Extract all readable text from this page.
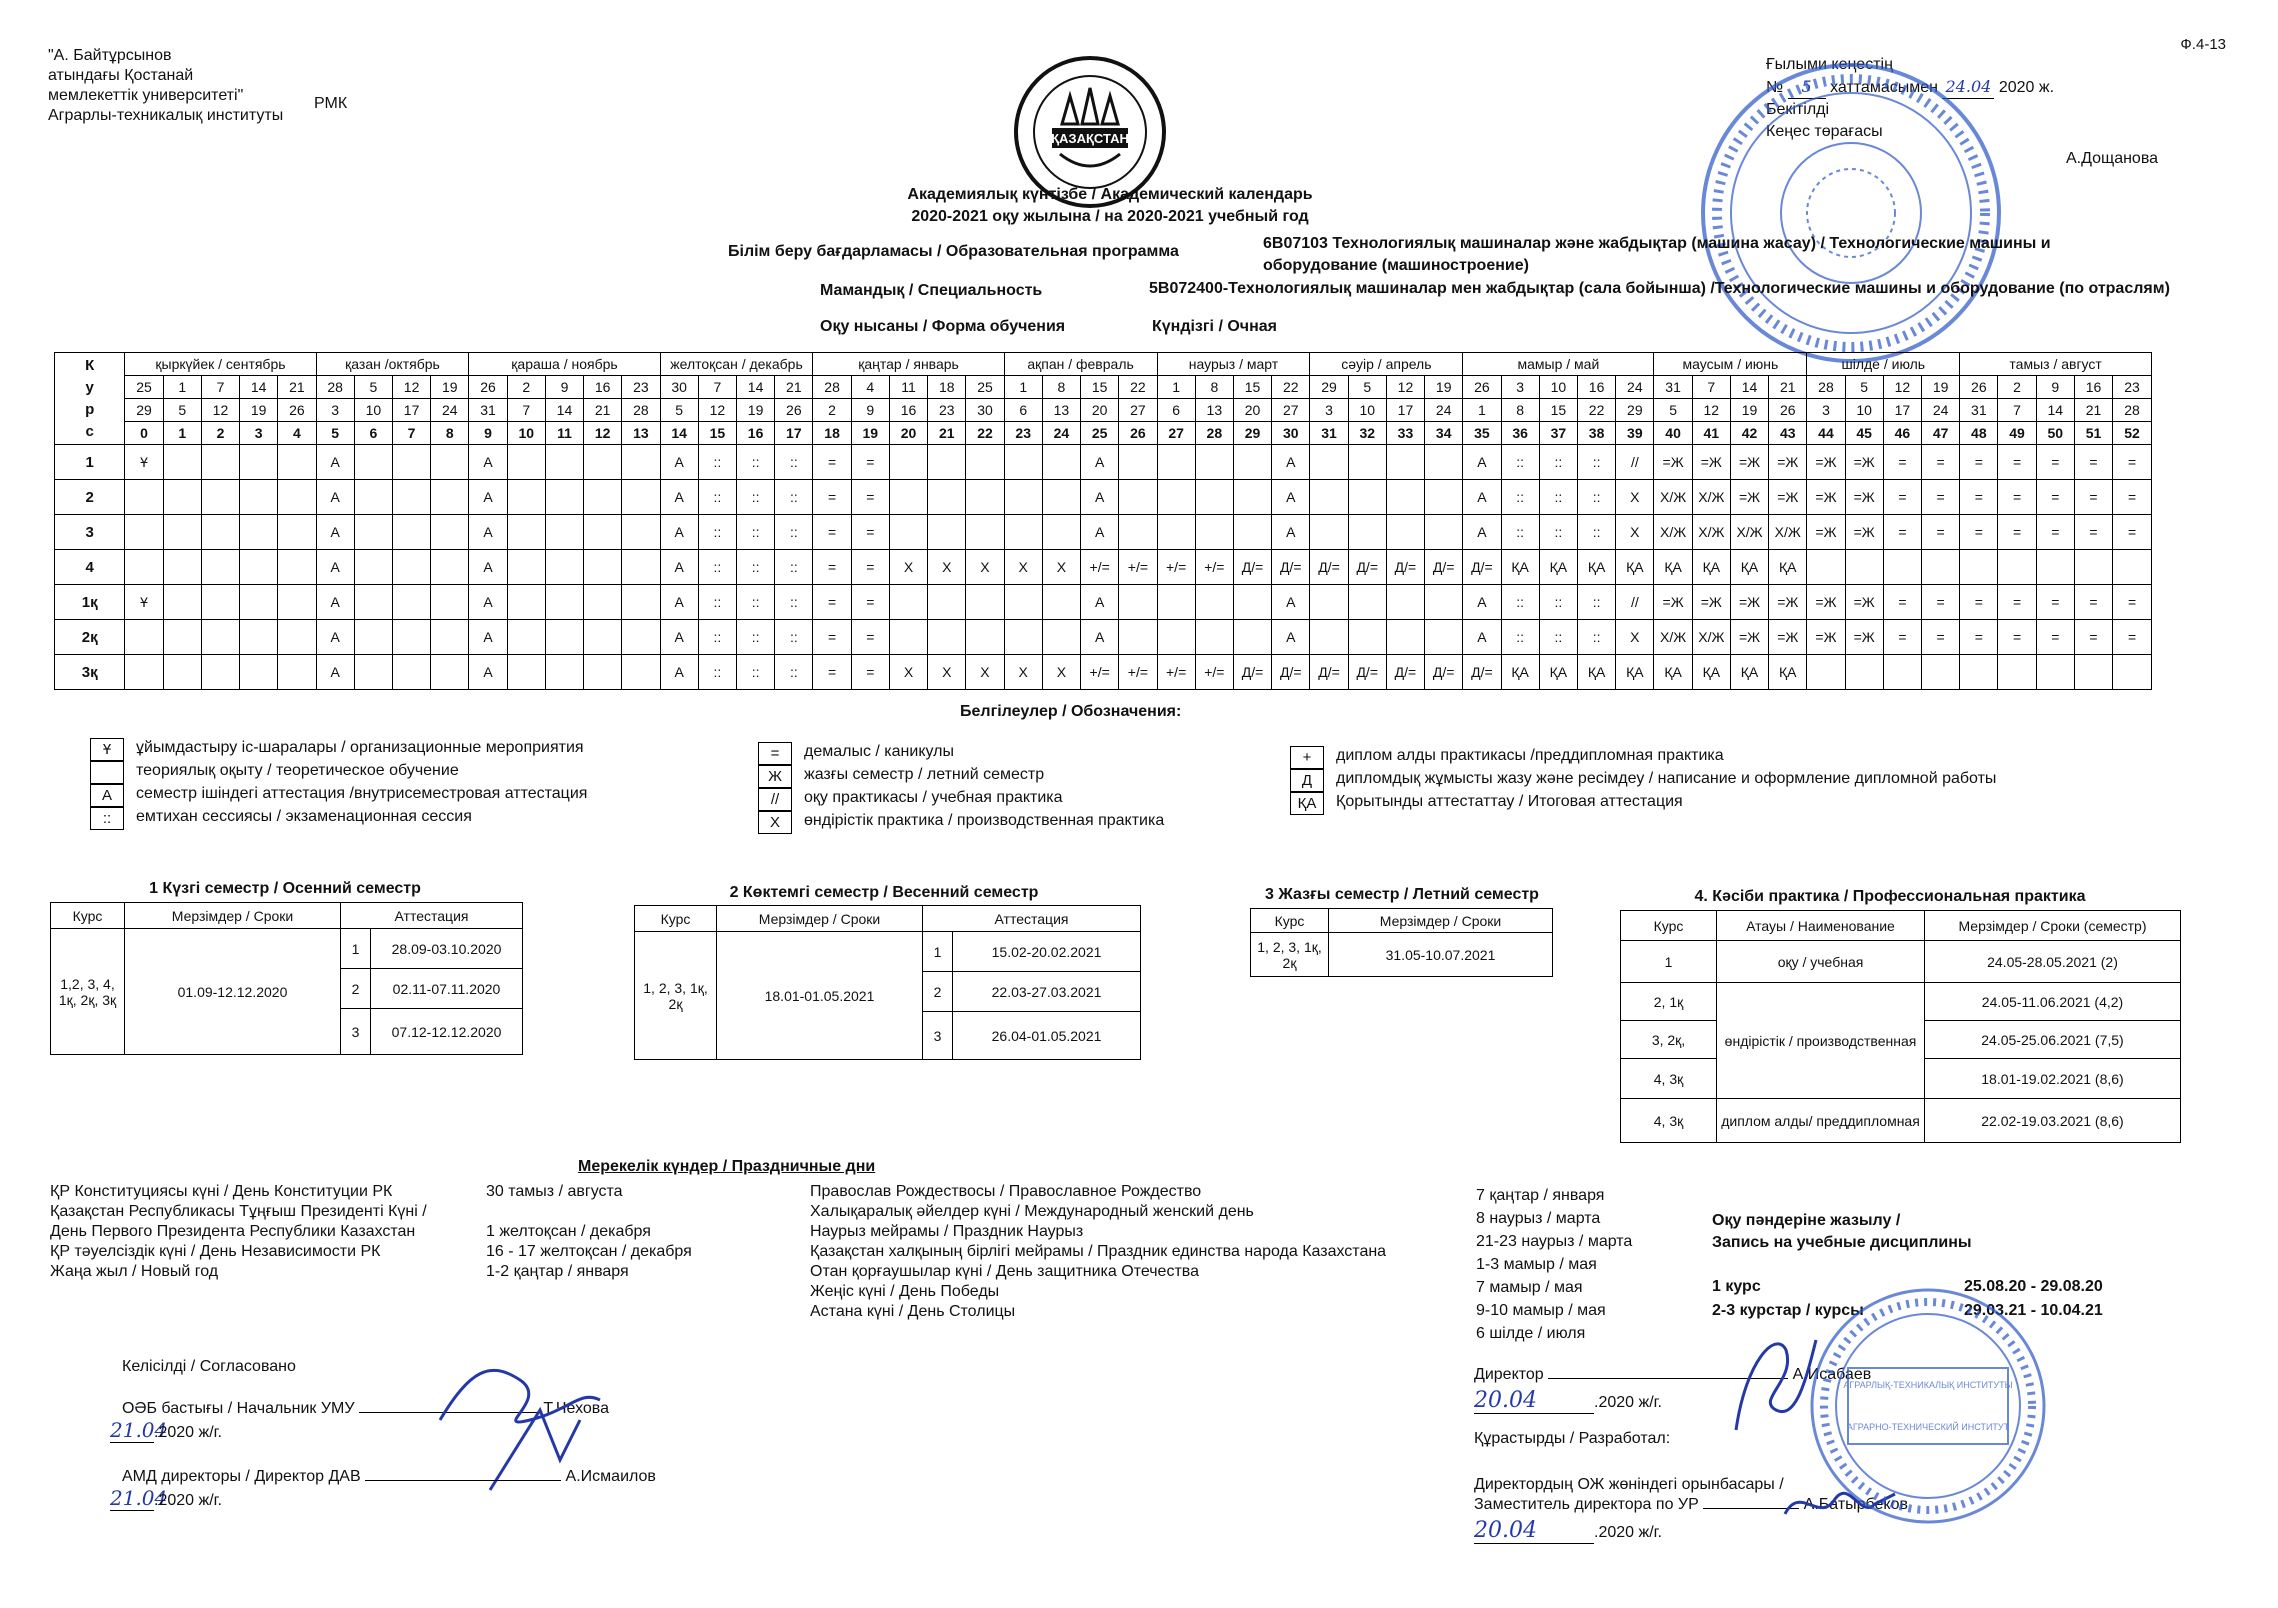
Ф.4-13
"А. Байтұрсынов
атындағы Қостанай
мемлекеттік университеті"
Аграрлы-техникалық институты
РМК
ҚАЗАҚСТАН
Ғылыми кеңестің
№ 5 хаттамасымен 24.04 2020 ж.
Бекітілді
Кеңес төрағасы
А.Дощанова
Академиялық күнтізбе / Академический календарь
2020-2021 оқу жылына / на 2020-2021 учебный год
Білім беру бағдарламасы / Образовательная программа	6B07103 Технологиялық машиналар және жабдықтар (машина жасау) / Технологические машины и оборудование (машиностроение)
Мамандық / Специальность	5В072400-Технологиялық машиналар мен жабдықтар (сала бойынша) /Технологические машины и оборудование (по отраслям)
Оқу нысаны / Форма обучения	Күндізгі / Очная
К
у
р
с	қыркүйек / сентябрь					қазан /октябрь				қараша / ноябрь					желтоқсан / декабрь				қаңтар / январь					ақпан / февраль				наурыз / март				сәуір / апрель				мамыр / май					маусым / июнь				шілде / июль				тамыз / август				
	25	1	7	14	21	28	5	12	19	26	2	9	16	23	30	7	14	21	28	4	11	18	25	1	8	15	22	1	8	15	22	29	5	12	19	26	3	10	16	24	31	7	14	21	28	5	12	19	26	2	9	16	23
	29	5	12	19	26	3	10	17	24	31	7	14	21	28	5	12	19	26	2	9	16	23	30	6	13	20	27	6	13	20	27	3	10	17	24	1	8	15	22	29	5	12	19	26	3	10	17	24	31	7	14	21	28
	0	1	2	3	4	5	6	7	8	9	10	11	12	13	14	15	16	17	18	19	20	21	22	23	24	25	26	27	28	29	30	31	32	33	34	35	36	37	38	39	40	41	42	43	44	45	46	47	48	49	50	51	52
1	Ұ					А				А					А	::	::	::	=	=						А					А					А	::	::	::	//	=Ж	=Ж	=Ж	=Ж	=Ж	=Ж	=	=	=	=	=	=	=
2						А				А					А	::	::	::	=	=						А					А					А	::	::	::	Х	Х/Ж	Х/Ж	=Ж	=Ж	=Ж	=Ж	=	=	=	=	=	=	=
3						А				А					А	::	::	::	=	=						А					А					А	::	::	::	Х	Х/Ж	Х/Ж	Х/Ж	Х/Ж	=Ж	=Ж	=	=	=	=	=	=	=
4						А				А					А	::	::	::	=	=	Х	Х	Х	Х	Х	+/=	+/=	+/=	+/=	Д/=	Д/=	Д/=	Д/=	Д/=	Д/=	Д/=	ҚА	ҚА	ҚА	ҚА	ҚА	ҚА	ҚА	ҚА									
1қ	Ұ					А				А					А	::	::	::	=	=						А					А					А	::	::	::	//	=Ж	=Ж	=Ж	=Ж	=Ж	=Ж	=	=	=	=	=	=	=
2қ						А				А					А	::	::	::	=	=						А					А					А	::	::	::	Х	Х/Ж	Х/Ж	=Ж	=Ж	=Ж	=Ж	=	=	=	=	=	=	=
3қ						А				А					А	::	::	::	=	=	Х	Х	Х	Х	Х	+/=	+/=	+/=	+/=	Д/=	Д/=	Д/=	Д/=	Д/=	Д/=	Д/=	ҚА	ҚА	ҚА	ҚА	ҚА	ҚА	ҚА	ҚА									
Белгілеулер / Обозначения:
Ұ	ұйымдастыру іс-шаралары / организационные мероприятия
теориялық оқыту / теоретическое обучение
А	семестр ішіндегі аттестация /внутрисеместровая аттестация
::	емтихан сессиясы / экзаменационная сессия
=	демалыс / каникулы
Ж	жазғы семестр / летний семестр
//	оқу практикасы / учебная практика
Х	өндірістік практика / производственная практика
+	диплом алды практикасы /преддипломная практика
Д	дипломдық жұмысты жазу және ресімдеу / написание и оформление дипломной работы
ҚА	Қорытынды аттестаттау / Итоговая аттестация
1 Күзгі семестр / Осенний семестр
Курс	Мерзімдер / Сроки	Аттестация	
1,2, 3, 4, 1қ, 2қ, 3қ	01.09-12.12.2020	1	28.09-03.10.2020
		2	02.11-07.11.2020
		3	07.12-12.12.2020
2 Көктемгі семестр / Весенний семестр
Курс	Мерзімдер / Сроки	Аттестация	
1, 2, 3, 1қ, 2қ	18.01-01.05.2021	1	15.02-20.02.2021
		2	22.03-27.03.2021
		3	26.04-01.05.2021
3 Жазғы семестр / Летний семестр
Курс	Мерзімдер / Сроки
1, 2, 3, 1қ, 2қ	31.05-10.07.2021
4. Кәсіби практика / Профессиональная практика
Курс	Атауы / Наименование	Мерзімдер / Сроки (семестр)
1	оқу / учебная	24.05-28.05.2021 (2)
2, 1қ	өндірістік / производственная	24.05-11.06.2021 (4,2)
3, 2қ,		24.05-25.06.2021 (7,5)
4, 3қ		18.01-19.02.2021 (8,6)
4, 3қ	диплом алды/ преддипломная	22.02-19.03.2021 (8,6)
Мерекелік күндер / Праздничные дни
ҚР Конституциясы күні / День Конституции РК
Қазақстан Республикасы Тұңғыш Президенті Күні /
День Первого Президента Республики Казахстан
ҚР тәуелсіздік күні / День Независимости РК
Жаңа жыл / Новый год
30 тамыз / августа
1 желтоқсан / декабря
16 - 17 желтоқсан / декабря
1-2 қаңтар / января
Православ Рождествосы / Православное Рождество
Халықаралық әйелдер күні / Международный женский день
Наурыз мейрамы / Праздник Наурыз
Қазақстан халқының бірлігі мейрамы / Праздник единства народа Казахстана
Отан қорғаушылар күні / День защитника Отечества
Жеңіс күні / День Победы
Астана күні / День Столицы
7 қаңтар / января
8 наурыз / марта
21-23 наурыз / марта
1-3 мамыр / мая
7 мамыр / мая
9-10 мамыр / мая
6 шілде / июля
Оқу пәндеріне жазылу /
Запись на учебные дисциплины
1 курс	25.08.20 - 29.08.20
2-3 курстар / курсы	29.03.21 - 10.04.21
Келісілді / Согласовано
ОӘБ бастығы / Начальник УМУ	Т.Чехова
21.04.2020 ж/г.
АМД директоры / Директор ДАВ	А.Исмаилов
21.04.2020 ж/г.
Директор	А.Исабаев
20.04	.2020 ж/г.
Құрастырды / Разработал:
Директордың ОЖ жөніндегі орынбасары /
Заместитель директора по УР	А.Батырбеков
20.04	.2020 ж/г.
АГРАРЛЫҚ-ТЕХНИКАЛЫҚ ИНСТИТУТЫ
АГРАРНО-ТЕХНИЧЕСКИЙ ИНСТИТУТ
